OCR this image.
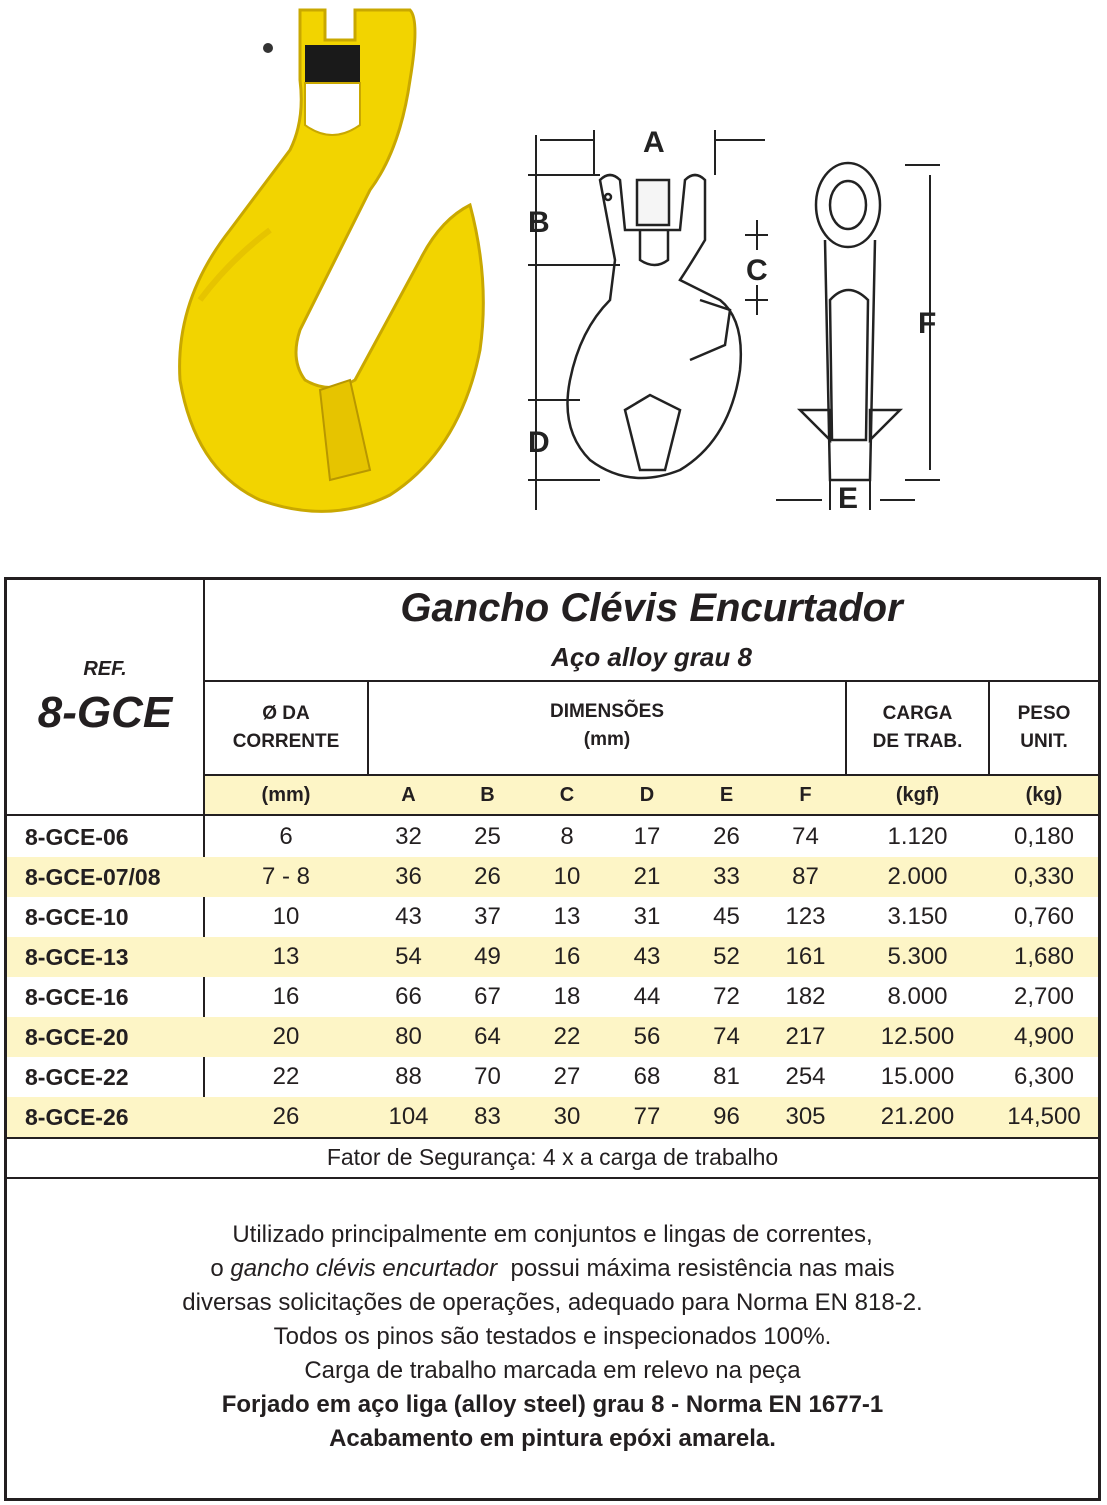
A
B
C
D
E
F
REF.
8-GCE
Gancho Clévis Encurtador
Aço alloy grau 8
Ø DA
CORRENTE
DIMENSÕES
(mm)
CARGA
DE TRAB.
PESO
UNIT.
(mm)	A	B	C	D	E	F	(kgf)	(kg)
8-GCE-06	6	32	25	8	17	26	74	1.120	0,180
8-GCE-07/08	7 - 8	36	26	10	21	33	87	2.000	0,330
8-GCE-10	10	43	37	13	31	45	123	3.150	0,760
8-GCE-13	13	54	49	16	43	52	161	5.300	1,680
8-GCE-16	16	66	67	18	44	72	182	8.000	2,700
8-GCE-20	20	80	64	22	56	74	217	12.500	4,900
8-GCE-22	22	88	70	27	68	81	254	15.000	6,300
8-GCE-26	26	104	83	30	77	96	305	21.200	14,500
Fator de Segurança: 4 x a carga de trabalho
Utilizado principalmente em conjuntos e lingas de correntes,
o gancho clévis encurtador  possui máxima resistência nas mais
diversas solicitações de operações, adequado para Norma EN 818-2.
Todos os pinos são testados e inspecionados 100%.
Carga de trabalho marcada em relevo na peça
Forjado em aço liga (alloy steel) grau 8 - Norma EN 1677-1
Acabamento em pintura epóxi amarela.
